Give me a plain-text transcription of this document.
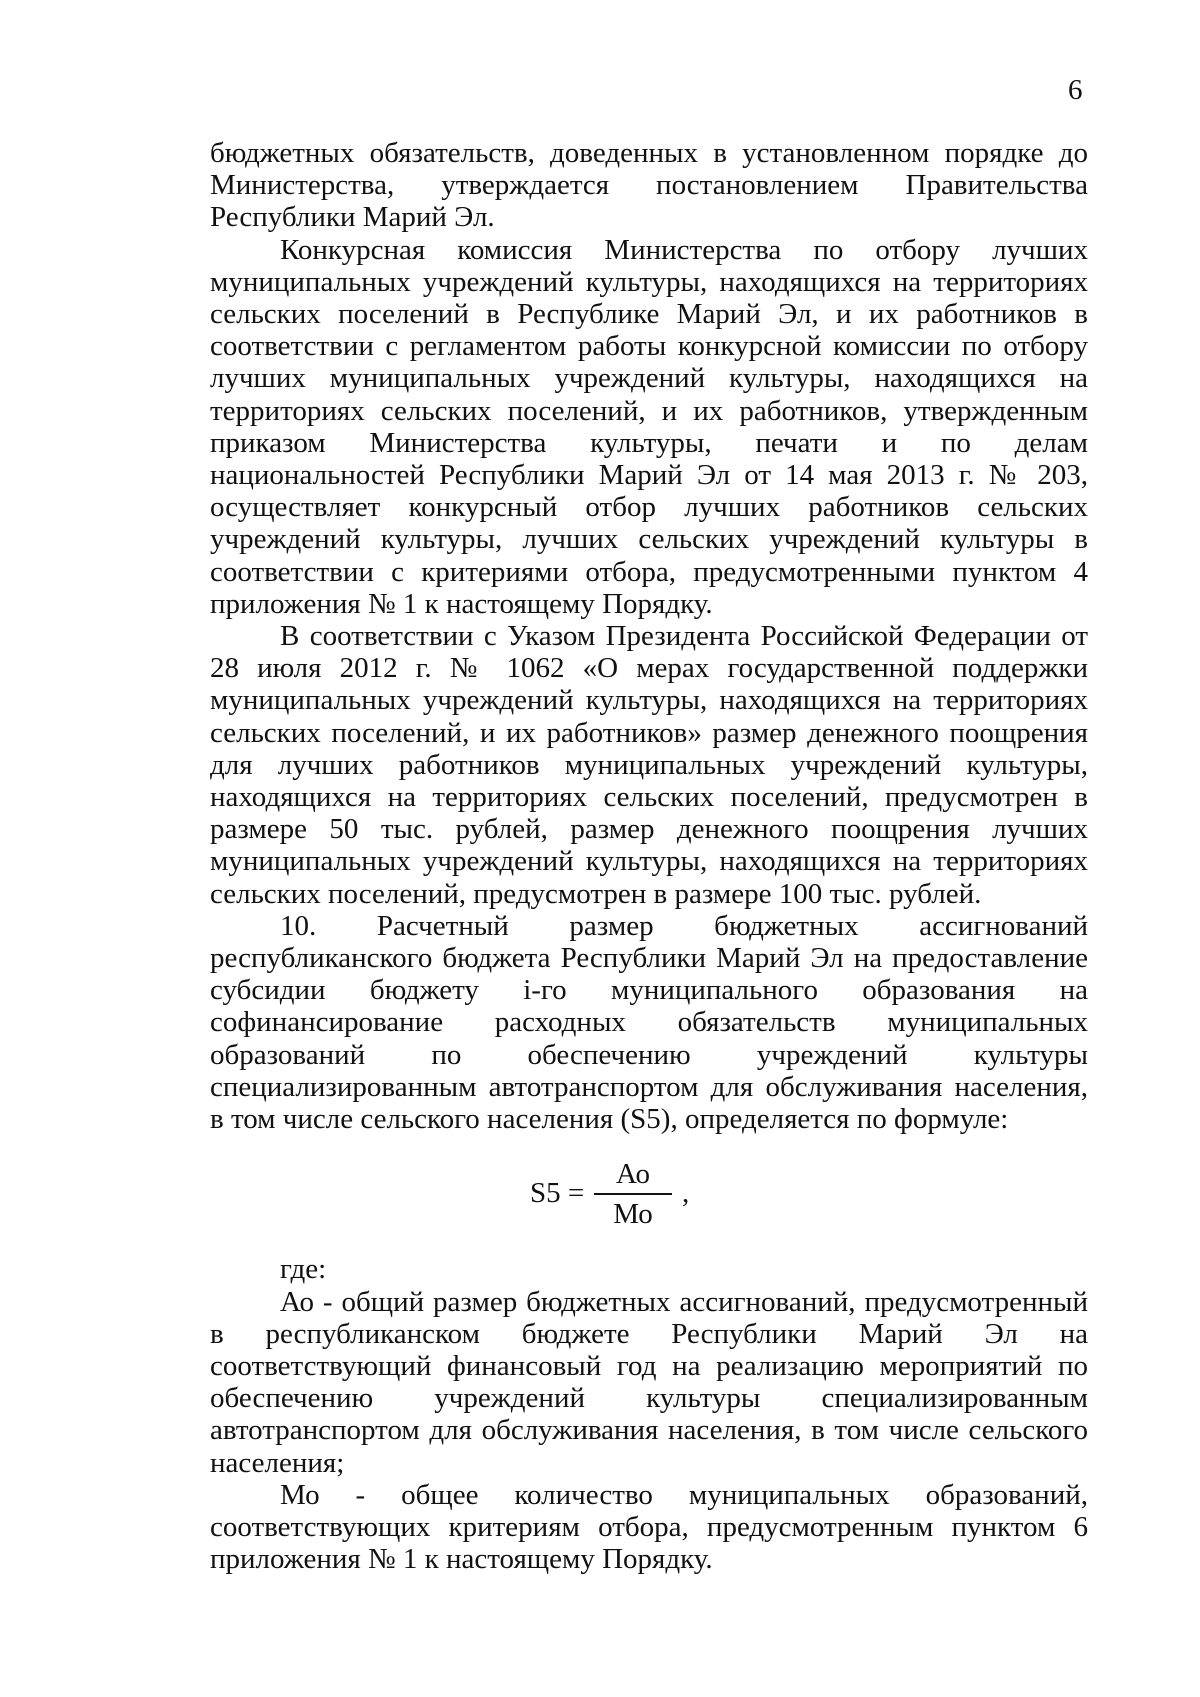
6

бюджетных обязательств, доведенных в установленном порядке до Министерства, утверждается постановлением Правительства Республики Марий Эл.

Конкурсная комиссия Министерства по отбору лучших муниципальных учреждений культуры, находящихся на территориях сельских поселений в Республике Марий Эл, и их работников в соответствии с регламентом работы конкурсной комиссии по отбору лучших муниципальных учреждений культуры, находящихся на территориях сельских поселений, и их работников, утвержденным приказом Министерства культуры, печати и по делам национальностей Республики Марий Эл от 14 мая 2013 г. № 203, осуществляет конкурсный отбор лучших работников сельских учреждений культуры, лучших сельских учреждений культуры в соответствии с критериями отбора, предусмотренными пунктом 4 приложения № 1 к настоящему Порядку.

В соответствии с Указом Президента Российской Федерации от 28 июля 2012 г. № 1062 «О мерах государственной поддержки муниципальных учреждений культуры, находящихся на территориях сельских поселений, и их работников» размер денежного поощрения для лучших работников муниципальных учреждений культуры, находящихся на территориях сельских поселений, предусмотрен в размере 50 тыс. рублей, размер денежного поощрения лучших муниципальных учреждений культуры, находящихся на территориях сельских поселений, предусмотрен в размере 100 тыс. рублей.

10. Расчетный размер бюджетных ассигнований республиканского бюджета Республики Марий Эл на предоставление субсидии бюджету i-го муниципального образования на софинансирование расходных обязательств муниципальных образований по обеспечению учреждений культуры специализированным автотранспортом для обслуживания населения, в том числе сельского населения (S5), определяется по формуле:

S5 =
Ао
Мо
,

где:

Ао - общий размер бюджетных ассигнований, предусмотренный в республиканском бюджете Республики Марий Эл на соответствующий финансовый год на реализацию мероприятий по обеспечению учреждений культуры специализированным автотранспортом для обслуживания населения, в том числе сельского населения;

Мо - общее количество муниципальных образований, соответствующих критериям отбора, предусмотренным пунктом 6 приложения № 1 к настоящему Порядку.
